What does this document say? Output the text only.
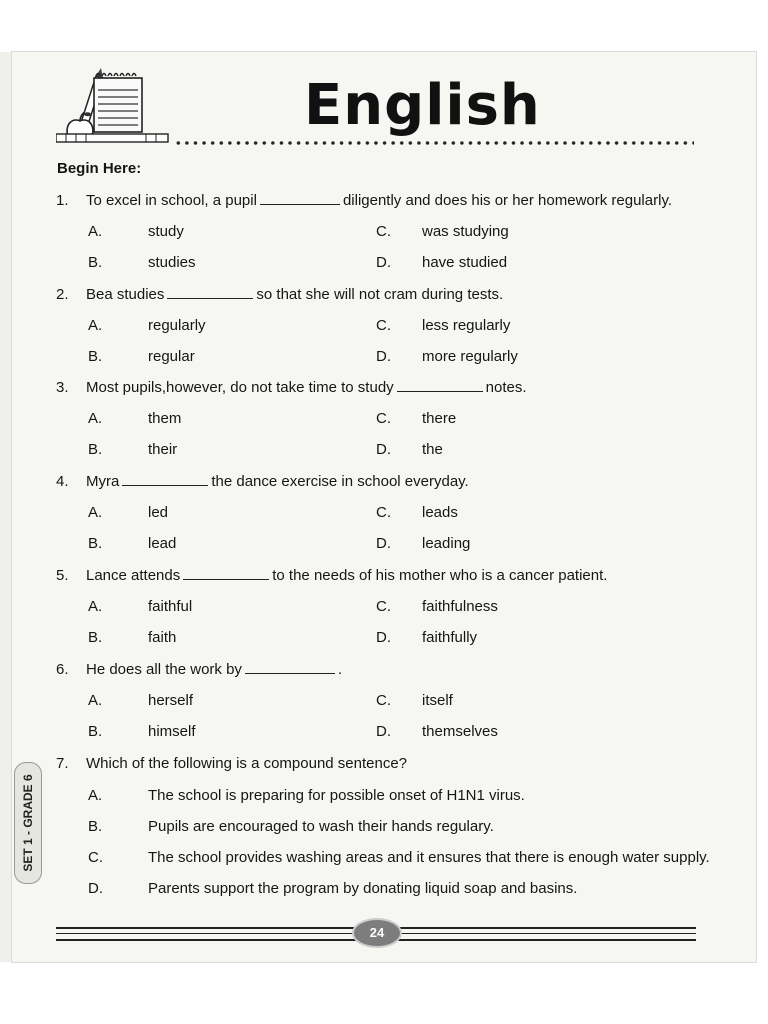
English
Begin Here:
1. To excel in school, a pupil	diligently and does his or her homework regularly.
A.	study	C. was studying
B.	studies	D. have studied
2. Bea studies	so that she will not cram during tests.
A.	regularly	C. less regularly
B.	regular	D. more regularly
3. Most pupils,however, do not take time to study	notes.
A.	them	C. there
B.	their	D. the
4. Myra	the dance exercise in school everyday.
A.	led	C. leads
B.	lead	D. leading
5. Lance attends	to the needs of his mother who is a cancer patient.
A.	faithful	C. faithfulness
B.	faith	D. faithfully
6. He does all the work by	.
A.	herself	C. itself
B.	himself	D. themselves
7. Which of the following is a compound sentence?
A.	The school is preparing for possible onset of H1N1 virus.
B.	Pupils are encouraged to wash their hands regulary.
C.	The school provides washing areas and it ensures that there is enough water supply.
D.	Parents support the program by donating liquid soap and basins.
SET 1 - GRADE 6
24
